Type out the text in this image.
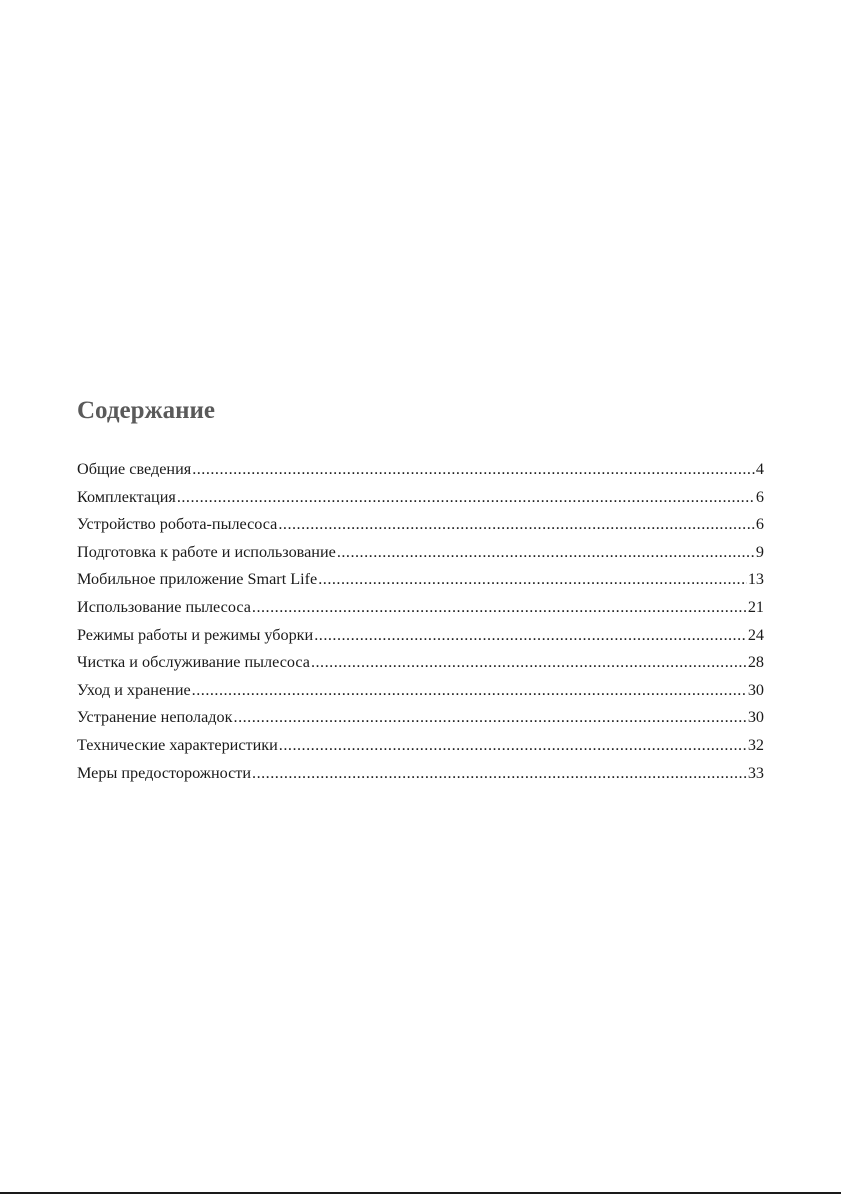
Содержание
Общие сведения .....	4
Комплектация .....	6
Устройство робота-пылесоса .....	6
Подготовка к работе и использование .....	9
Мобильное приложение Smart Life .....	13
Использование пылесоса .....	21
Режимы работы и режимы уборки .....	24
Чистка и обслуживание пылесоса .....	28
Уход и хранение .....	30
Устранение неполадок .....	30
Технические характеристики .....	32
Меры предосторожности .....	33
